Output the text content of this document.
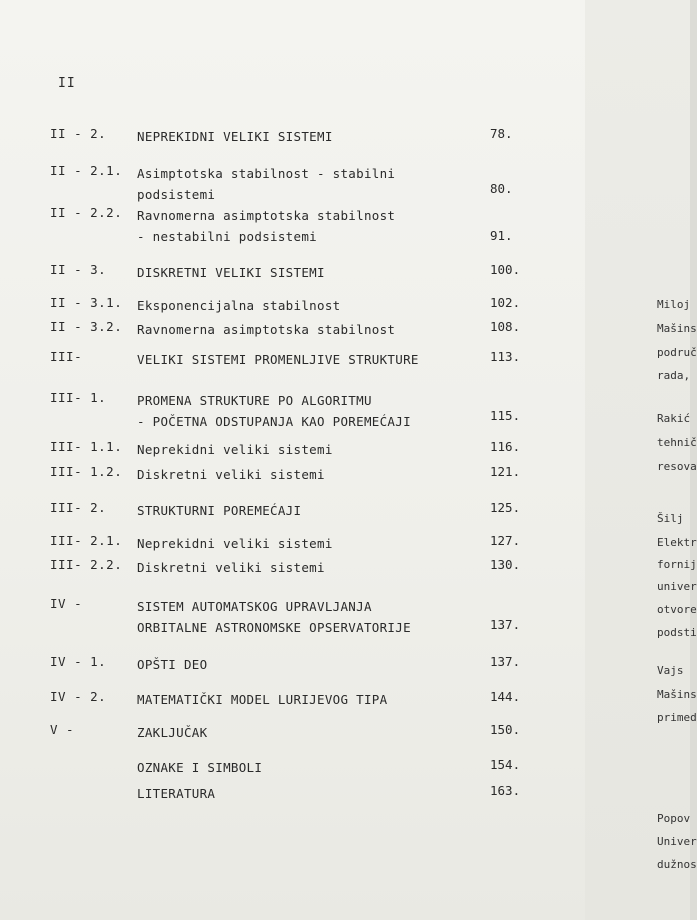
II
II - 2. NEPREKIDNI VELIKI SISTEMI	78.
II - 2.1. Asimptotska stabilnost - stabilni
podsistemi	80.
II - 2.2. Ravnomerna asimptotska stabilnost
- nestabilni podsistemi	91.
II - 3. DISKRETNI VELIKI SISTEMI	100.
II - 3.1. Eksponencijalna stabilnost	102.
II - 3.2. Ravnomerna asimptotska stabilnost	108.
III-	VELIKI SISTEMI PROMENLJIVE STRUKTURE	113.
III- 1. PROMENA STRUKTURE PO ALGORITMU
- POČETNA ODSTUPANJA KAO POREMEĆAJI	115.
III- 1.1. Neprekidni veliki sistemi	116.
III- 1.2. Diskretni veliki sistemi	121.
III- 2. STRUKTURNI POREMEĆAJI	125.
III- 2.1. Neprekidni veliki sistemi	127.
III- 2.2. Diskretni veliki sistemi	130.
IV -	SISTEM AUTOMATSKOG UPRAVLJANJA
ORBITALNE ASTRONOMSKE OPSERVATORIJE	137.
IV - 1. OPŠTI DEO	137.
IV - 2. MATEMATIČKI MODEL LURIJEVOG TIPA	144.
V -	ZAKLJUČAK	150.
OZNAKE I SIMBOLI	154.
LITERATURA	163.
Miloj
Mašins
područ
rada,
Rakić
tehnič
resova
Šilj
Elektr
fornij
univer
otvore
podsti
Vajs
Mašins
primed
Popov
Univer
dužnos
